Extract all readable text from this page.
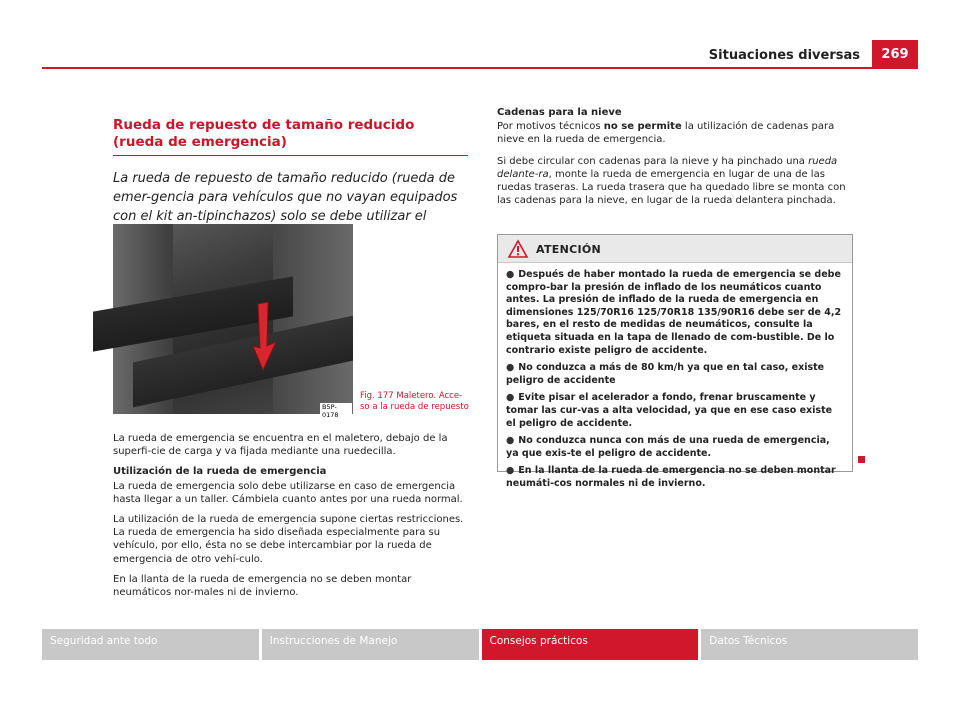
Situaciones diversas	269
Rueda de repuesto de tamaño reducido (rueda de emergencia)

La rueda de repuesto de tamaño reducido (rueda de emer-gencia para vehículos que no vayan equipados con el kit an-tipinchazos) solo se debe utilizar el

B5P-0178
Fig. 177 Maletero. Acce-so a la rueda de repuesto

La rueda de emergencia se encuentra en el maletero, debajo de la superfi-cie de carga y va fijada mediante una ruedecilla.

Utilización de la rueda de emergencia

La rueda de emergencia solo debe utilizarse en caso de emergencia hasta llegar a un taller. Cámbiela cuanto antes por una rueda normal.

La utilización de la rueda de emergencia supone ciertas restricciones. La rueda de emergencia ha sido diseñada especialmente para su vehículo, por ello, ésta no se debe intercambiar por la rueda de emergencia de otro vehí-culo.

En la llanta de la rueda de emergencia no se deben montar neumáticos nor-males ni de invierno.

Cadenas para la nieve

Por motivos técnicos no se permite la utilización de cadenas para nieve en la rueda de emergencia.

Si debe circular con cadenas para la nieve y ha pinchado una rueda delante-ra, monte la rueda de emergencia en lugar de una de las ruedas traseras. La rueda trasera que ha quedado libre se monta con las cadenas para la nieve, en lugar de la rueda delantera pinchada.

ATENCIÓN
● Después de haber montado la rueda de emergencia se debe compro-bar la presión de inflado de los neumáticos cuanto antes. La presión de inflado de la rueda de emergencia en dimensiones 125/70R16 125/70R18 135/90R16 debe ser de 4,2 bares, en el resto de medidas de neumáticos, consulte la etiqueta situada en la tapa de llenado de com-bustible. De lo contrario existe peligro de accidente.
● No conduzca a más de 80 km/h ya que en tal caso, existe peligro de accidente
● Evite pisar el acelerador a fondo, frenar bruscamente y tomar las cur-vas a alta velocidad, ya que en ese caso existe el peligro de accidente.
● No conduzca nunca con más de una rueda de emergencia, ya que exis-te el peligro de accidente.
● En la llanta de la rueda de emergencia no se deben montar neumáti-cos normales ni de invierno.
Seguridad ante todo	Instrucciones de Manejo	Consejos prácticos	Datos Técnicos
